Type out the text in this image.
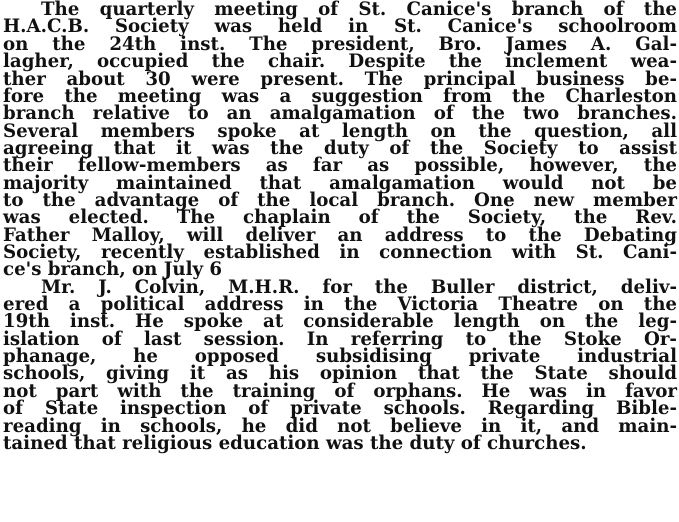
The quarterly meeting of St. Canice's branch of the
H.A.C.B. Society was held in St. Canice's schoolroom
on the 24th inst. The president, Bro. James A. Gal-
lagher, occupied the chair. Despite the inclement wea-
ther about 30 were present. The principal business be-
fore the meeting was a suggestion from the Charleston
branch relative to an amalgamation of the two branches.
Several members spoke at length on the question, all
agreeing that it was the duty of the Society to assist
their fellow-members as far as possible, however, the
majority maintained that amalgamation would not be
to the advantage of the local branch. One new member
was elected. The chaplain of the Society, the Rev.
Father Malloy, will deliver an address to the Debating
Society, recently established in connection with St. Cani-
ce's branch, on July 6
Mr. J. Colvin, M.H.R. for the Buller district, deliv-
ered a political address in the Victoria Theatre on the
19th inst. He spoke at considerable length on the leg-
islation of last session. In referring to the Stoke Or-
phanage, he opposed subsidising private industrial
schools, giving it as his opinion that the State should
not part with the training of orphans. He was in favor
of State inspection of private schools. Regarding Bible-
reading in schools, he did not believe in it, and main-
tained that religious education was the duty of churches.
